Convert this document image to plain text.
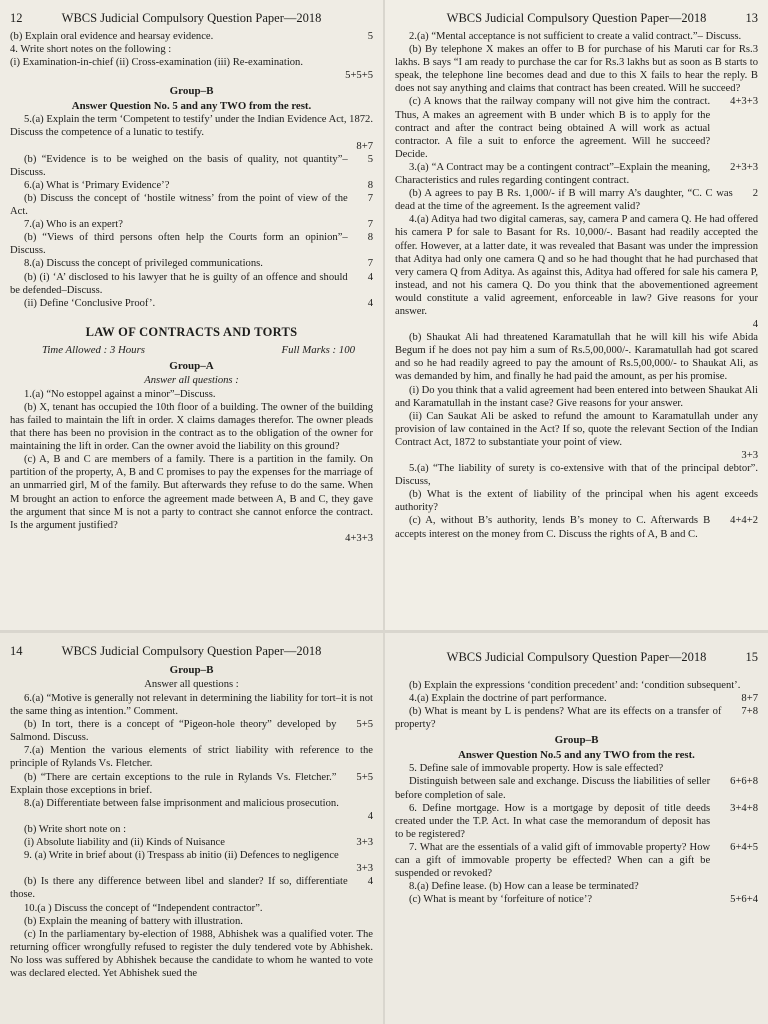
12	WBCS Judicial Compulsory Question Paper—2018
(b) Explain oral evidence and hearsay evidence.	5

4. Write short notes on the following :

(i) Examination-in-chief (ii) Cross-examination (iii) Re-examination.

5+5+5
Group–B
Answer Question No. 5 and any TWO from the rest.
5.(a) Explain the term ‘Competent to testify’ under the Indian Evidence Act, 1872. Discuss the competence of a lunatic to testify.
8+7
(b) “Evidence is to be weighed on the basis of quality, not quantity”– Discuss.
5
6.(a) What is ‘Primary Evidence’?	8
(b) Discuss the concept of ‘hostile witness’ from the point of view of the Act.
7
7.(a) Who is an expert?	7
(b) “Views of third persons often help the Courts form an opinion”– Discuss.
8
8.(a) Discuss the concept of privileged communications.	7
(b) (i) ‘A’ disclosed to his lawyer that he is guilty of an offence and should be defended–Discuss.
4
(ii) Define ‘Conclusive Proof’.	4
LAW OF CONTRACTS AND TORTS
Time Allowed : 3 Hours	Full Marks : 100
Group–A
Answer all questions :

1.(a) “No estoppel against a minor”–Discuss.

(b) X, tenant has occupied the 10th floor of a building. The owner of the building has failed to maintain the lift in order. X claims damages therefor. The owner pleads that there has been no provision in the contract as to the obligation of the owner for maintaining the lift in order. Can the owner avoid the liability on this ground?

(c) A, B and C are members of a family. There is a partition in the family. On partition of the property, A, B and C promises to pay the expenses for the marriage of an unmarried girl, M of the family. But afterwards they refuse to do the same. When M brought an action to enforce the agreement made between A, B and C, they gave the argument that since M is not a party to contract she cannot enforce the contract. Is the argument justified?

4+3+3
WBCS Judicial Compulsory Question Paper—2018	13

2.(a) “Mental acceptance is not sufficient to create a valid contract.”– Discuss.

(b) By telephone X makes an offer to B for purchase of his Maruti car for Rs.3 lakhs. B says “I am ready to purchase the car for Rs.3 lakhs but as soon as B starts to speak, the telephone line becomes dead and due to this X fails to hear the reply. B does not say anything and claims that contract has been created. Will he succeed?

(c) A knows that the railway company will not give him the contract. Thus, A makes an agreement with B under which B is to apply for the contract and after the contract being obtained A will work as actual contractor. A file a suit to enforce the agreement. Will he succeed? Decide.
4+3+3
3.(a) “A Contract may be a contingent contract”–Explain the meaning, Characteristics and rules regarding contingent contract.
2+3+3
(b) A agrees to pay B Rs. 1,000/- if B will marry A’s daughter, “C. C was dead at the time of the agreement. Is the agreement valid?
2

4.(a) Aditya had two digital cameras, say, camera P and camera Q. He had offered his camera P for sale to Basant for Rs. 10,000/-. Basant had readily accepted the offer. However, at a latter date, it was revealed that Basant was under the impression that Aditya had only one camera Q and so he had thought that he had purchased that very camera Q from Aditya. As against this, Aditya had offered for sale his camera P, instead, and not his camera Q. Do you think that the abovementioned agreement would constitute a valid agreement, enforceable in law? Give reasons for your answer.

4

(b) Shaukat Ali had threatened Karamatullah that he will kill his wife Abida Begum if he does not pay him a sum of Rs.5,00,000/-. Karamatullah had got scared and so he had readily agreed to pay the amount of Rs.5,00,000/- to Shaukat Ali, as was demanded by him, and finally he had paid the amount, as per his promise.

(i) Do you think that a valid agreement had been entered into between Shaukat Ali and Karamatullah in the instant case? Give reasons for your answer.

(ii) Can Saukat Ali be asked to refund the amount to Karamatullah under any provision of law contained in the Act? If so, quote the relevant Section of the Indian Contract Act, 1872 to substantiate your point of view.

3+3

5.(a) “The liability of surety is co-extensive with that of the principal debtor”. Discuss,

(b) What is the extent of liability of the principal when his agent exceeds authority?

(c) A, without B’s authority, lends B’s money to C. Afterwards B accepts interest on the money from C. Discuss the rights of A, B and C.
4+4+2
14	WBCS Judicial Compulsory Question Paper—2018
Group–B
Answer all questions :

6.(a) “Motive is generally not relevant in determining the liability for tort–it is not the same thing as intention.” Comment.

(b) In tort, there is a concept of “Pigeon-hole theory” developed by Salmond. Discuss.
5+5

7.(a) Mention the various elements of strict liability with reference to the principle of Rylands Vs. Fletcher.

(b) “There are certain exceptions to the rule in Rylands Vs. Fletcher.” Explain those exceptions in brief.
5+5

8.(a) Differentiate between false imprisonment and malicious prosecution.

4

(b) Write short note on :

(i) Absolute liability and (ii) Kinds of Nuisance	3+3

9. (a) Write in brief about (i) Trespass ab initio (ii) Defences to negligence

3+3
(b) Is there any difference between libel and slander? If so, differentiate those.
4

10.(a ) Discuss the concept of “Independent contractor”.

(b) Explain the meaning of battery with illustration.

(c) In the parliamentary by-election of 1988, Abhishek was a qualified voter. The returning officer wrongfully refused to register the duly tendered vote by Abhishek. No loss was suffered by Abhishek because the candidate to whom he wanted to vote was declared elected. Yet Abhishek sued the

WBCS Judicial Compulsory Question Paper—2018	15

(b) Explain the expressions ‘condition precedent’ and: ‘condition subsequent’.

4.(a) Explain the doctrine of part performance.	8+7
(b) What is meant by L is pendens? What are its effects on a transfer of property?
7+8
Group–B
Answer Question No.5 and any TWO from the rest.

5. Define sale of immovable property. How is sale effected?

Distinguish between sale and exchange. Discuss the liabilities of seller before completion of sale.
6+6+8
6. Define mortgage. How is a mortgage by deposit of title deeds created under the T.P. Act. In what case the memorandum of deposit has to be registered?
3+4+8
7. What are the essentials of a valid gift of immovable property? How can a gift of immovable property be effected? When can a gift be suspended or revoked?
6+4+5

8.(a) Define lease. (b) How can a lease be terminated?

(c) What is meant by ‘forfeiture of notice’?	5+6+4
